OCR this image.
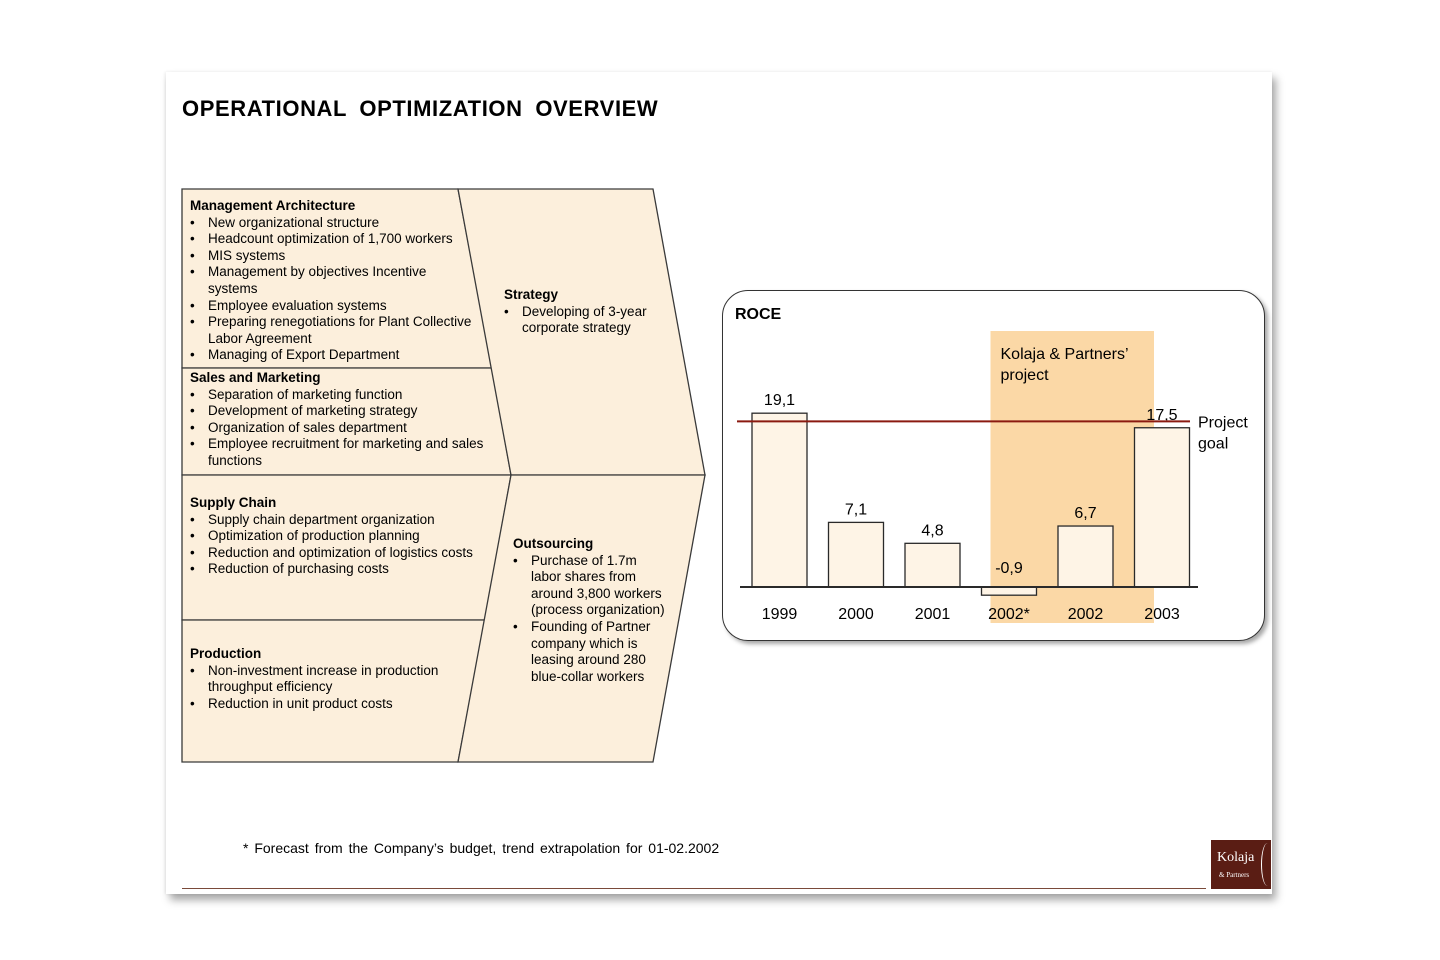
OPERATIONAL OPTIMIZATION OVERVIEW
Management Architecture
• New organizational structure
• Headcount optimization of 1,700 workers
• MIS systems
• Management by objectives Incentive
systems
• Employee evaluation systems
• Preparing renegotiations for Plant Collective
Labor Agreement
• Managing of Export Department
Sales and Marketing
• Separation of marketing function
• Development of marketing strategy
• Organization of sales department
• Employee recruitment for marketing and sales
functions
Supply Chain
• Supply chain department organization
• Optimization of production planning
• Reduction and optimization of logistics costs
• Reduction of purchasing costs
Production
• Non-investment increase in production
throughput efficiency
• Reduction in unit product costs
Strategy
• Developing of 3-year
corporate strategy
Outsourcing
• Purchase of 1.7m
labor shares from
around 3,800 workers
(process organization)
• Founding of Partner
company which is
leasing around 280
blue-collar workers
Kolaja & Partners’
project
ROCE
19,1
1999
7,1
2000
4,8
2001
-0,9
2002*
6,7
2002
17,5
2003
Project
goal
* Forecast from the Company’s budget, trend extrapolation for 01-02.2002
Kolaja
& Partners
